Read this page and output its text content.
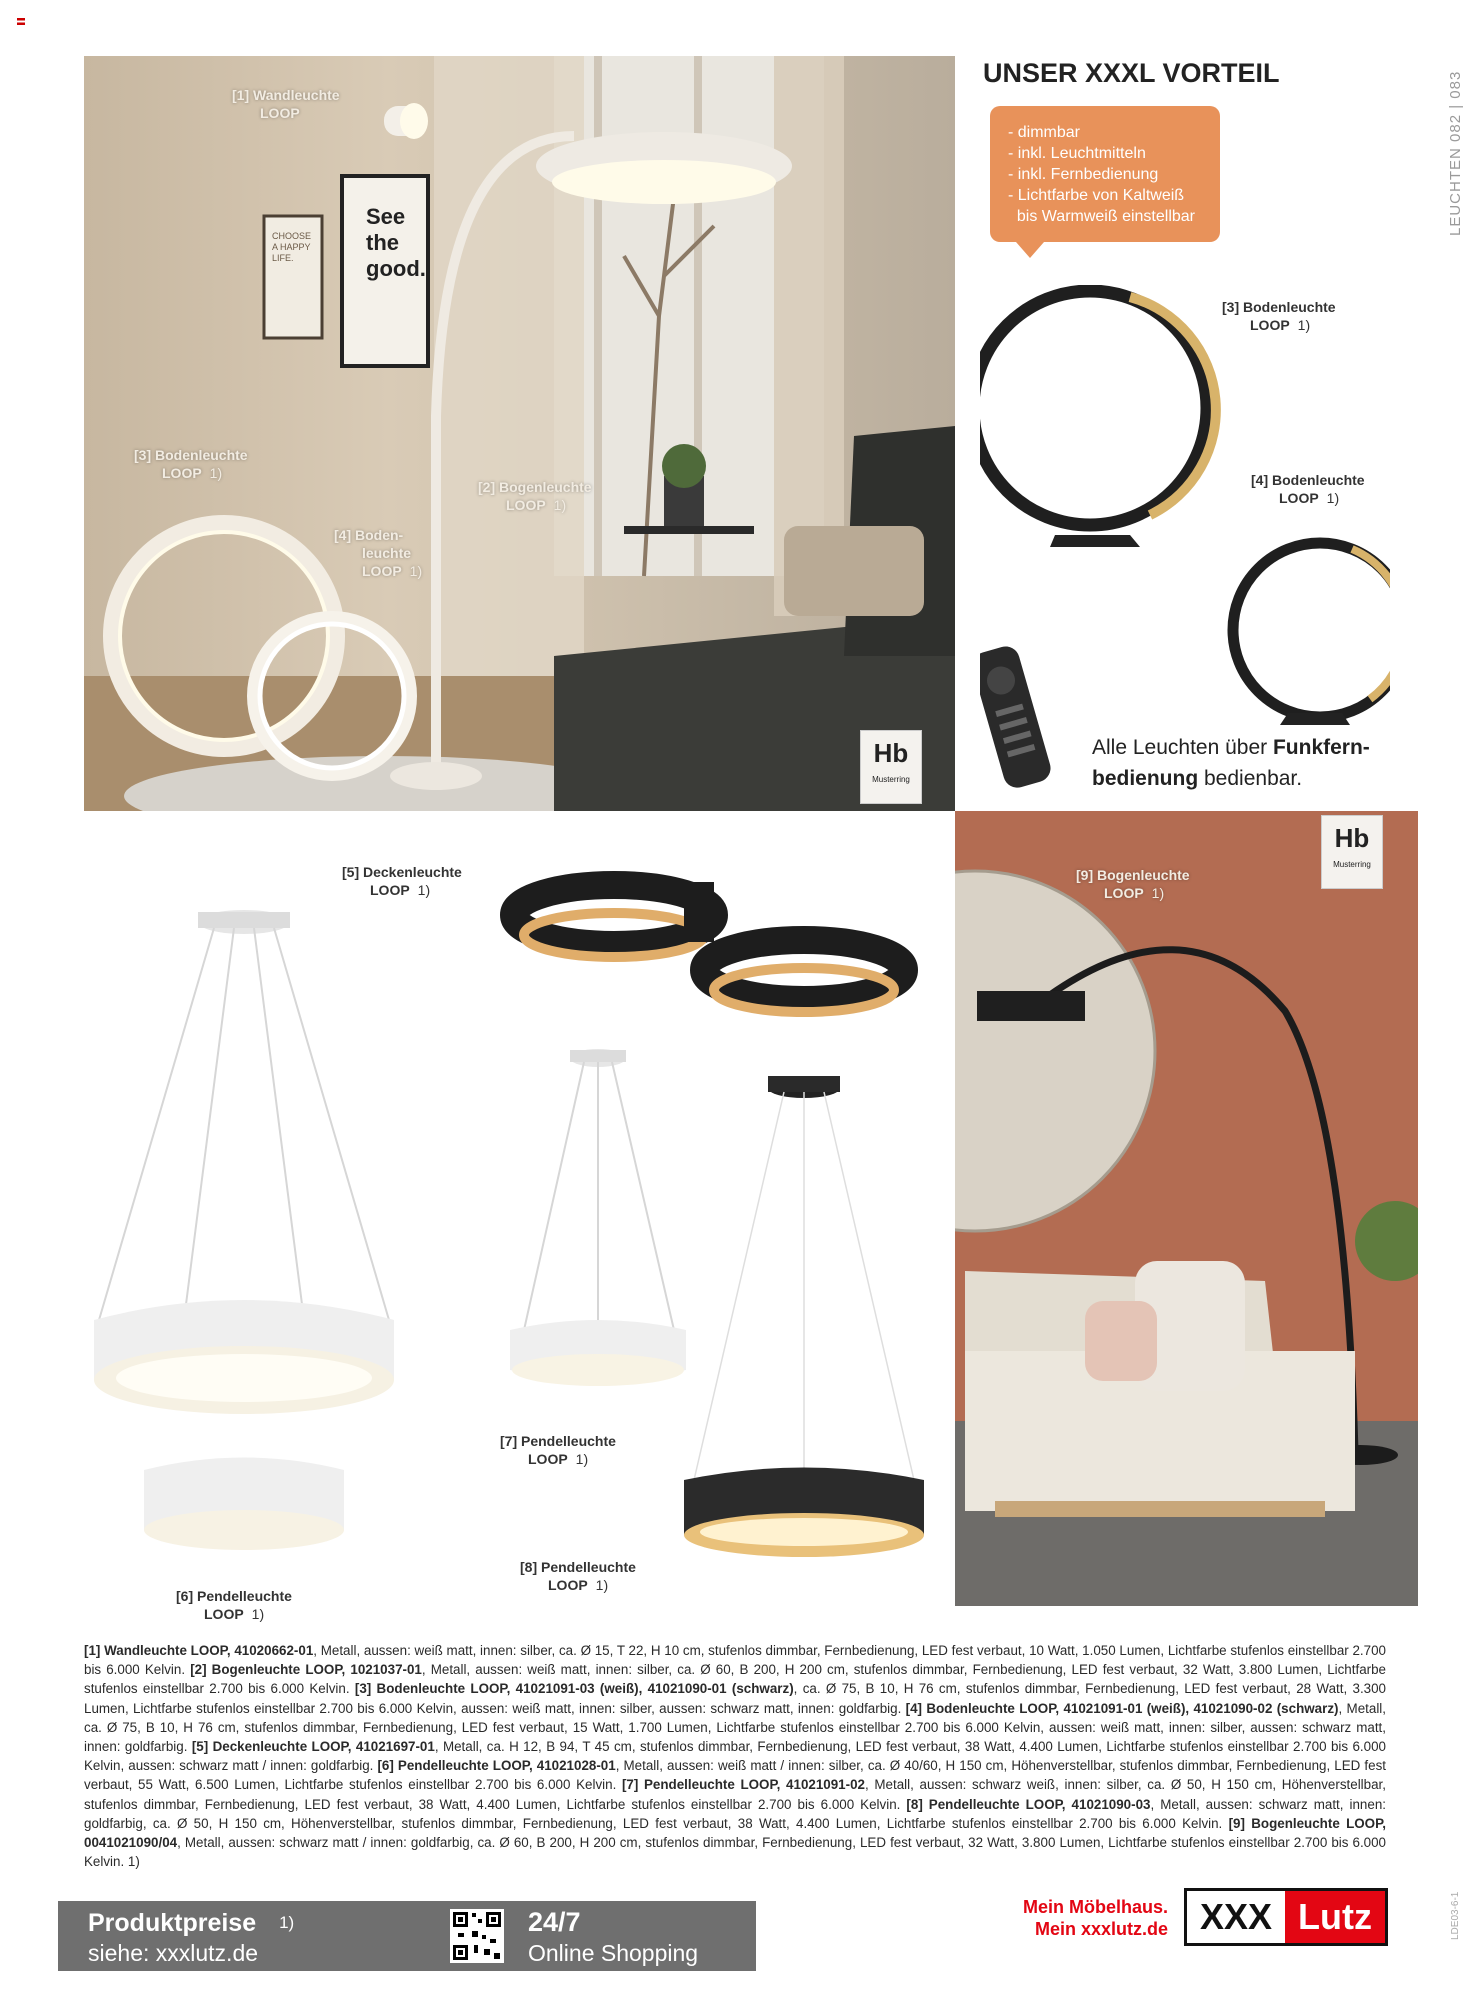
See
the
good.
CHOOSE A HAPPY LIFE.
Hb
Musterring
[1] Wandleuchte
LOOP
[2] Bogenleuchte
LOOP 1)
[3] Bodenleuchte
LOOP 1)
[4] Boden-
leuchte
LOOP 1)
UNSER XXXL VORTEIL
- dimmbar
- inkl. Leuchtmitteln
- inkl. Fernbedienung
- Lichtfarbe von Kaltweiß
bis Warmweiß einstellbar	LEUCHTEN 082 | 083
[3] Bodenleuchte
LOOP 1)
[4] Bodenleuchte
LOOP 1)
Alle Leuchten über Funkfern-
bedienung bedienbar.
[5] Deckenleuchte
LOOP 1)
[6] Pendelleuchte
LOOP 1)
[7] Pendelleuchte
LOOP 1)
[8] Pendelleuchte
LOOP 1)
Hb
Musterring
[9] Bogenleuchte
LOOP 1)
[1] Wandleuchte LOOP, 41020662-01, Metall, aussen: weiß matt, innen: silber, ca. Ø 15, T 22, H 10 cm, stufenlos dimmbar, Fernbedienung, LED fest verbaut, 10 Watt, 1.050 Lumen, Lichtfarbe stufenlos einstellbar 2.700 bis 6.000 Kelvin. [2] Bogenleuchte LOOP, 1021037-01, Metall, aussen: weiß matt, innen: silber, ca. Ø 60, B 200, H 200 cm, stufenlos dimmbar, Fernbedienung, LED fest verbaut, 32 Watt, 3.800 Lumen, Lichtfarbe stufenlos einstellbar 2.700 bis 6.000 Kelvin. [3] Bodenleuchte LOOP, 41021091-03 (weiß), 41021090-01 (schwarz), ca. Ø 75, B 10, H 76 cm, stufenlos dimmbar, Fernbedienung, LED fest verbaut, 28 Watt, 3.300 Lumen, Lichtfarbe stufenlos einstellbar 2.700 bis 6.000 Kelvin, aussen: weiß matt, innen: silber, aussen: schwarz matt, innen: goldfarbig. [4] Bodenleuchte LOOP, 41021091-01 (weiß), 41021090-02 (schwarz), Metall, ca. Ø 75, B 10, H 76 cm, stufenlos dimmbar, Fernbedienung, LED fest verbaut, 15 Watt, 1.700 Lumen, Lichtfarbe stufenlos einstellbar 2.700 bis 6.000 Kelvin, aussen: weiß matt, innen: silber, aussen: schwarz matt, innen: goldfarbig. [5] Deckenleuchte LOOP, 41021697-01, Metall, ca. H 12, B 94, T 45 cm, stufenlos dimmbar, Fernbedienung, LED fest verbaut, 38 Watt, 4.400 Lumen, Lichtfarbe stufenlos einstellbar 2.700 bis 6.000 Kelvin, aussen: schwarz matt / innen: goldfarbig. [6] Pendelleuchte LOOP, 41021028-01, Metall, aussen: weiß matt / innen: silber, ca. Ø 40/60, H 150 cm, Höhenverstellbar, stufenlos dimmbar, Fernbedienung, LED fest verbaut, 55 Watt, 6.500 Lumen, Lichtfarbe stufenlos einstellbar 2.700 bis 6.000 Kelvin. [7] Pendelleuchte LOOP, 41021091-02, Metall, aussen: schwarz weiß, innen: silber, ca. Ø 50, H 150 cm, Höhenverstellbar, stufenlos dimmbar, Fernbedienung, LED fest verbaut, 38 Watt, 4.400 Lumen, Lichtfarbe stufenlos einstellbar 2.700 bis 6.000 Kelvin. [8] Pendelleuchte LOOP, 41021090-03, Metall, aussen: schwarz matt, innen: goldfarbig, ca. Ø 50, H 150 cm, Höhenverstellbar, stufenlos dimmbar, Fernbedienung, LED fest verbaut, 38 Watt, 4.400 Lumen, Lichtfarbe stufenlos einstellbar 2.700 bis 6.000 Kelvin. [9] Bogenleuchte LOOP, 0041021090/04, Metall, aussen: schwarz matt / innen: goldfarbig, ca. Ø 60, B 200, H 200 cm, stufenlos dimmbar, Fernbedienung, LED fest verbaut, 32 Watt, 3.800 Lumen, Lichtfarbe stufenlos einstellbar 2.700 bis 6.000 Kelvin. 1)
Produktpreise 1)
siehe: xxxlutz.de
24/7
Online Shopping
Mein Möbelhaus.
Mein xxxlutz.de XXX Lutz	LDE03-6-1
